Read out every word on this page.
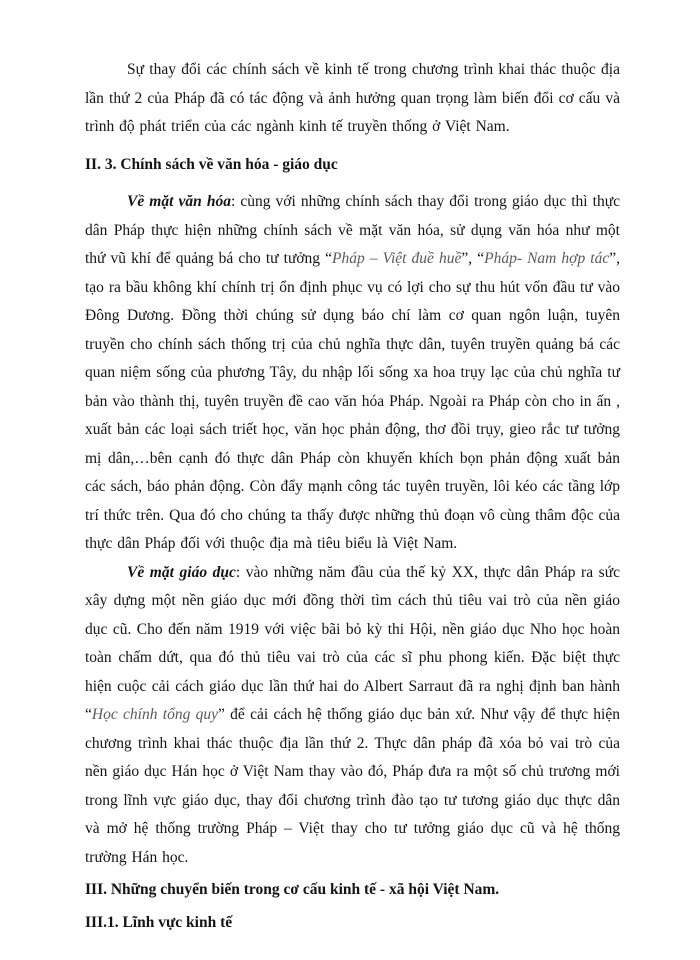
Sự thay đổi các chính sách về kinh tế trong chương trình khai thác thuộc địa lần thứ 2 của Pháp đã có tác động và ảnh hưởng quan trọng làm biến đổi cơ cấu và trình độ phát triển của các ngành kinh tế truyền thống ở Việt Nam.

II. 3. Chính sách về văn hóa - giáo dục

Về mặt văn hóa: cùng với những chính sách thay đổi trong giáo dục thì thực dân Pháp thực hiện những chính sách về mặt văn hóa, sử dụng văn hóa như một thứ vũ khí để quảng bá cho tư tưởng “Pháp – Việt đuề huề”, “Pháp- Nam hợp tác”, tạo ra bầu không khí chính trị ổn định phục vụ có lợi cho sự thu hút vốn đầu tư vào Đông Dương. Đồng thời chúng sử dụng báo chí làm cơ quan ngôn luận, tuyên truyền cho chính sách thống trị của chủ nghĩa thực dân, tuyên truyền quảng bá các quan niệm sống của phương Tây, du nhập lối sống xa hoa trụy lạc của chủ nghĩa tư bản vào thành thị, tuyên truyền đề cao văn hóa Pháp. Ngoài ra Pháp còn cho in ấn , xuất bản các loại sách triết học, văn học phản động, thơ đồi trụy, gieo rắc tư tưởng mị dân,…bên cạnh đó thực dân Pháp còn khuyến khích bọn phản động xuất bản các sách, báo phản động. Còn đẩy mạnh công tác tuyên truyền, lôi kéo các tầng lớp trí thức trên. Qua đó cho chúng ta thấy được những thủ đoạn vô cùng thâm độc của thực dân Pháp đối với thuộc địa mà tiêu biểu là Việt Nam.

Về mặt giáo dục: vào những năm đầu của thế kỷ XX, thực dân Pháp ra sức xây dựng một nền giáo dục mới đồng thời tìm cách thủ tiêu vai trò của nền giáo dục cũ. Cho đến năm 1919 với việc bãi bỏ kỳ thi Hội, nền giáo dục Nho học hoàn toàn chấm dứt, qua đó thủ tiêu vai trò của các sĩ phu phong kiến. Đặc biệt thực hiện cuộc cải cách giáo dục lần thứ hai do Albert Sarraut đã ra nghị định ban hành “Học chính tổng quy” để cải cách hệ thống giáo dục bản xứ. Như vậy để thực hiện chương trình khai thác thuộc địa lần thứ 2. Thực dân pháp đã xóa bỏ vai trò của nền giáo dục Hán học ở Việt Nam thay vào đó, Pháp đưa ra một số chủ trương mới trong lĩnh vực giáo dục, thay đổi chương trình đào tạo tư tương giáo dục thực dân và mở hệ thống trường Pháp – Việt thay cho tư tưởng giáo dục cũ và hệ thống trường Hán học.

III. Những chuyển biến trong cơ cấu kinh tế - xã hội Việt Nam.

III.1. Lĩnh vực kinh tế
